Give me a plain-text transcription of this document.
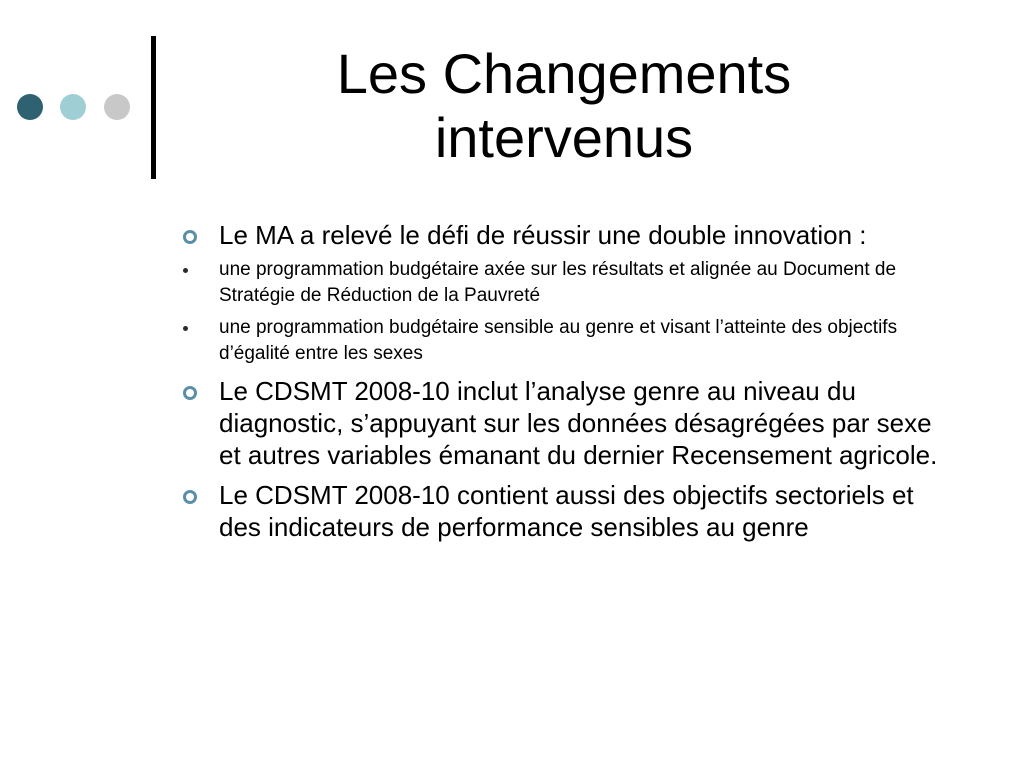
Les Changements
intervenus
Le MA a relevé le défi de réussir une double innovation :
une programmation budgétaire axée sur les résultats et alignée au Document de Stratégie de Réduction de la Pauvreté
une programmation budgétaire sensible au genre et visant l’atteinte des objectifs d’égalité entre les sexes
Le CDSMT 2008-10 inclut l’analyse genre au niveau du diagnostic, s’appuyant sur les données désagrégées par sexe et autres variables émanant du dernier Recensement agricole.
Le CDSMT 2008-10 contient aussi des objectifs sectoriels et des indicateurs de performance sensibles au genre
